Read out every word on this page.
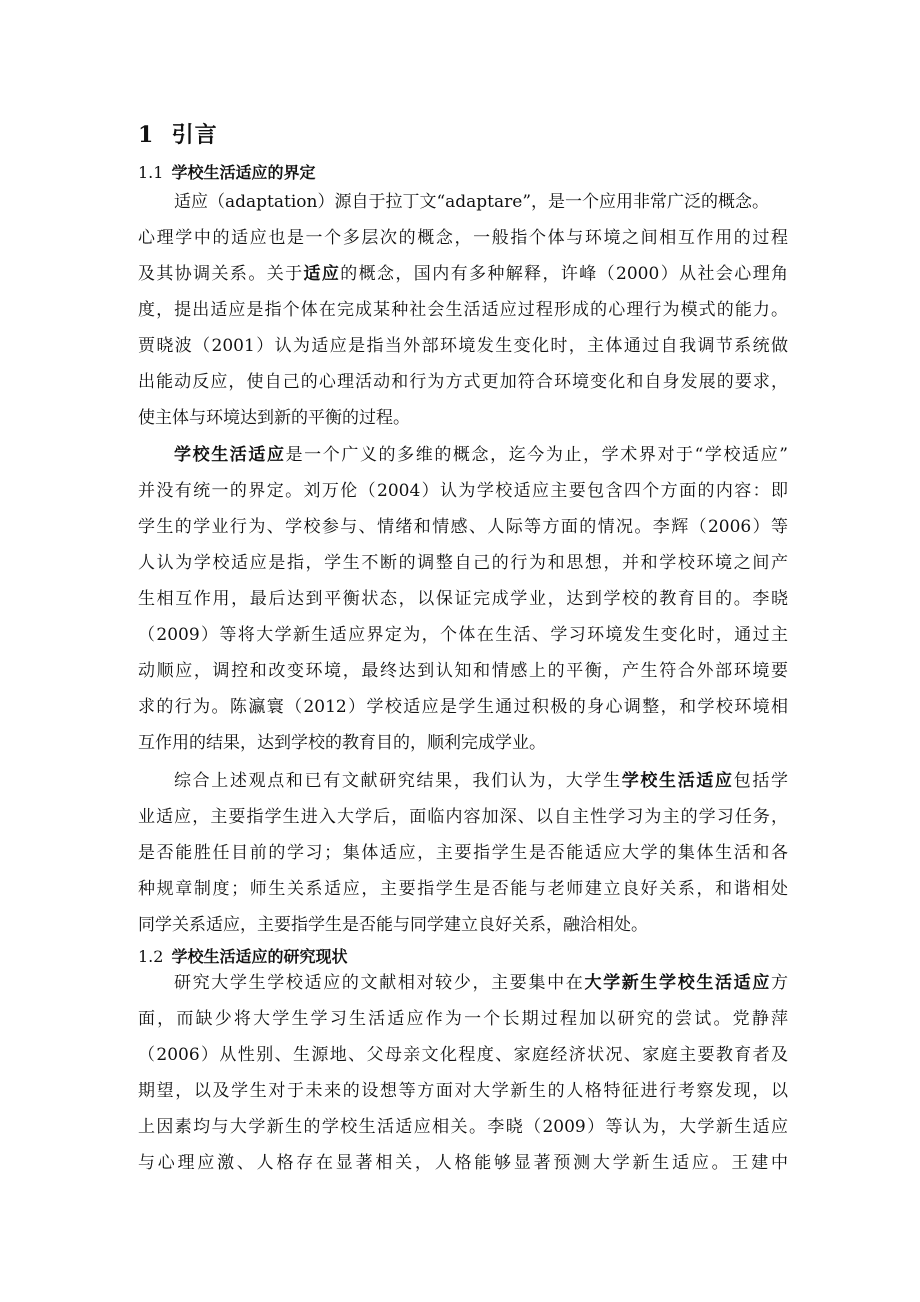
1 引言
1.1 学校生活适应的界定
适应（adaptation）源自于拉丁文“adaptare”，是一个应用非常广泛的概念。
心理学中的适应也是一个多层次的概念，一般指个体与环境之间相互作用的过程
及其协调关系。关于适应的概念，国内有多种解释，许峰（2000）从社会心理角
度，提出适应是指个体在完成某种社会生活适应过程形成的心理行为模式的能力。
贾晓波（2001）认为适应是指当外部环境发生变化时，主体通过自我调节系统做
出能动反应，使自己的心理活动和行为方式更加符合环境变化和自身发展的要求，
使主体与环境达到新的平衡的过程。
学校生活适应是一个广义的多维的概念，迄今为止，学术界对于“学校适应”
并没有统一的界定。刘万伦（2004）认为学校适应主要包含四个方面的内容：即
学生的学业行为、学校参与、情绪和情感、人际等方面的情况。李辉（2006）等
人认为学校适应是指，学生不断的调整自己的行为和思想，并和学校环境之间产
生相互作用，最后达到平衡状态，以保证完成学业，达到学校的教育目的。李晓
（2009）等将大学新生适应界定为，个体在生活、学习环境发生变化时，通过主
动顺应，调控和改变环境，最终达到认知和情感上的平衡，产生符合外部环境要
求的行为。陈瀛寰（2012）学校适应是学生通过积极的身心调整，和学校环境相
互作用的结果，达到学校的教育目的，顺利完成学业。
综合上述观点和已有文献研究结果，我们认为，大学生学校生活适应包括学
业适应，主要指学生进入大学后，面临内容加深、以自主性学习为主的学习任务，
是否能胜任目前的学习；集体适应，主要指学生是否能适应大学的集体生活和各
种规章制度；师生关系适应，主要指学生是否能与老师建立良好关系，和谐相处
同学关系适应，主要指学生是否能与同学建立良好关系，融洽相处。
1.2 学校生活适应的研究现状
研究大学生学校适应的文献相对较少，主要集中在大学新生学校生活适应方
面，而缺少将大学生学习生活适应作为一个长期过程加以研究的尝试。党静萍
（2006）从性别、生源地、父母亲文化程度、家庭经济状况、家庭主要教育者及
期望，以及学生对于未来的设想等方面对大学新生的人格特征进行考察发现，以
上因素均与大学新生的学校生活适应相关。李晓（2009）等认为，大学新生适应
与心理应激、人格存在显著相关，人格能够显著预测大学新生适应。王建中
